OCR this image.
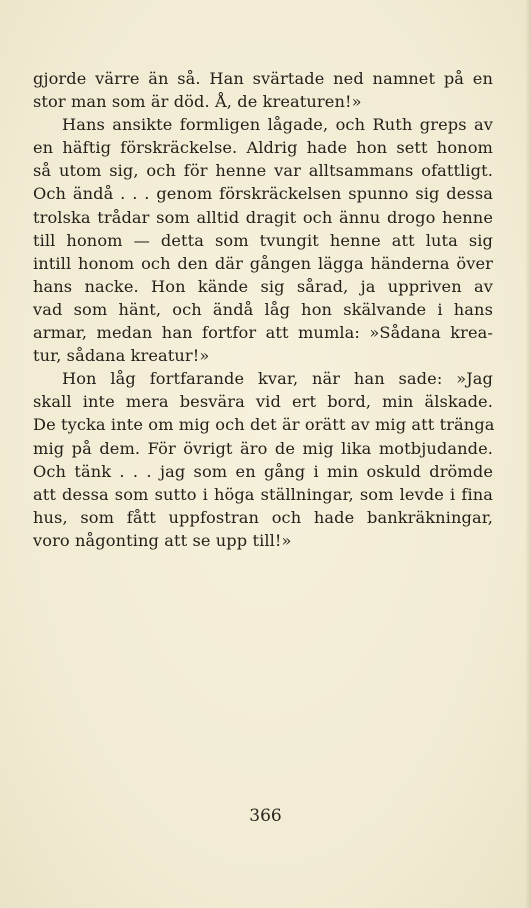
gjorde värre än så. Han svärtade ned namnet på en
stor man som är död. Å, de kreaturen!»
Hans ansikte formligen lågade, och Ruth greps av
en häftig förskräckelse. Aldrig hade hon sett honom
så utom sig, och för henne var alltsammans ofattligt.
Och ändå . . . genom förskräckelsen spunno sig dessa
trolska trådar som alltid dragit och ännu drogo henne
till honom — detta som tvungit henne att luta sig
intill honom och den där gången lägga händerna över
hans nacke. Hon kände sig sårad, ja uppriven av
vad som hänt, och ändå låg hon skälvande i hans
armar, medan han fortfor att mumla: »Sådana krea-
tur, sådana kreatur!»
Hon låg fortfarande kvar, när han sade: »Jag
skall inte mera besvära vid ert bord, min älskade.
De tycka inte om mig och det är orätt av mig att tränga
mig på dem. För övrigt äro de mig lika motbjudande.
Och tänk . . . jag som en gång i min oskuld drömde
att dessa som sutto i höga ställningar, som levde i fina
hus, som fått uppfostran och hade bankräkningar,
voro någonting att se upp till!»
366
